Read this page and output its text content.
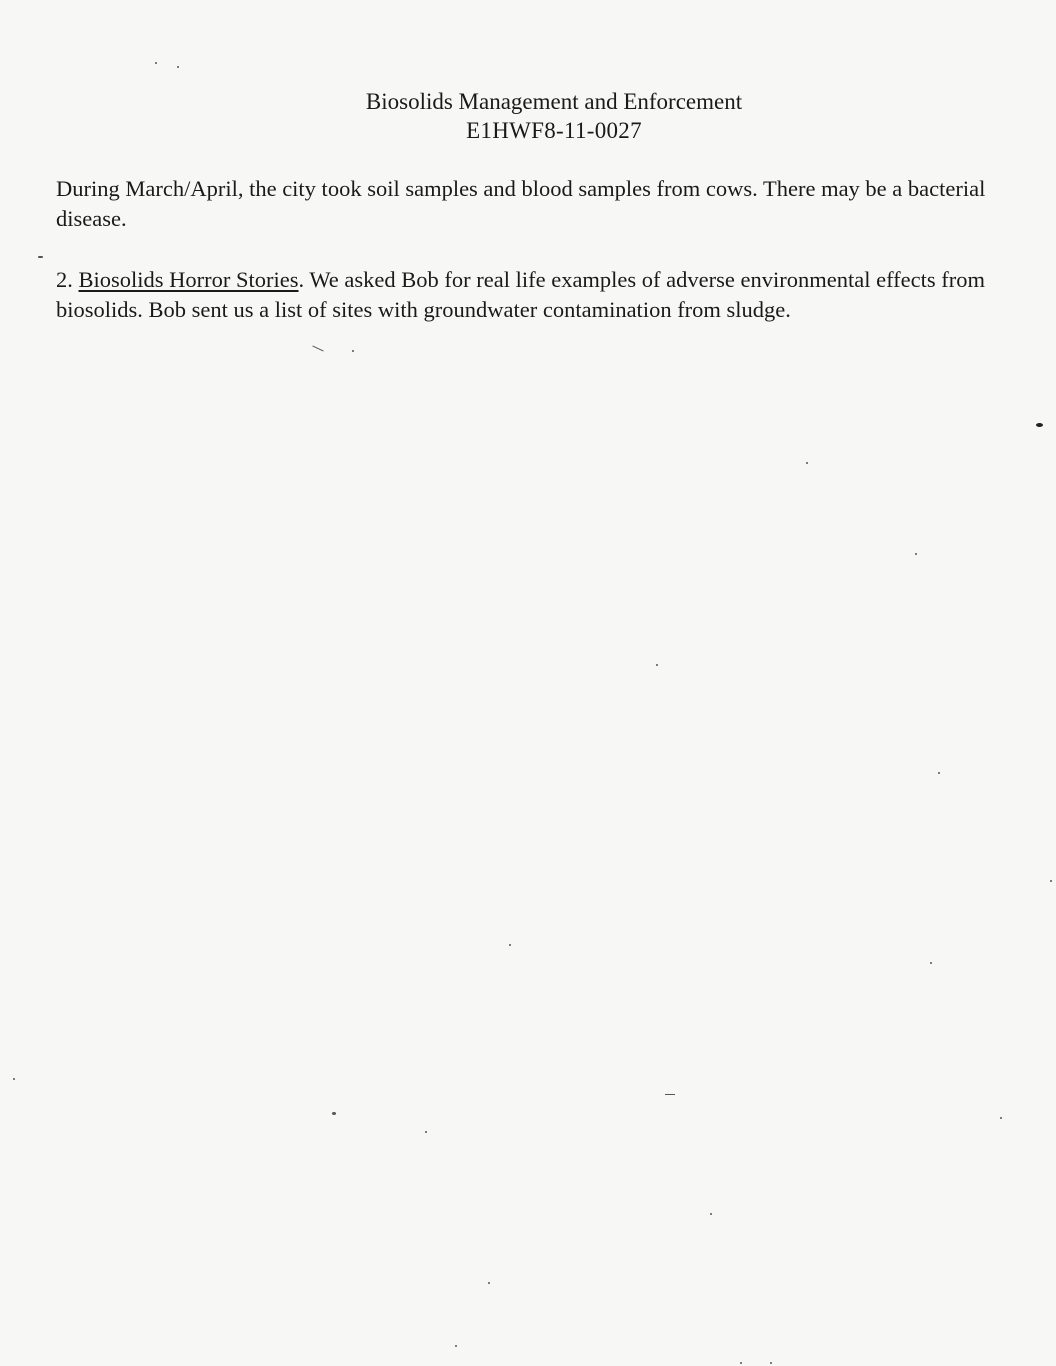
Biosolids Management and Enforcement
E1HWF8-11-0027
During March/April, the city took soil samples and blood samples from cows. There may be a bacterial disease.
2. Biosolids Horror Stories. We asked Bob for real life examples of adverse environmental effects from biosolids. Bob sent us a list of sites with groundwater contamination from sludge.
